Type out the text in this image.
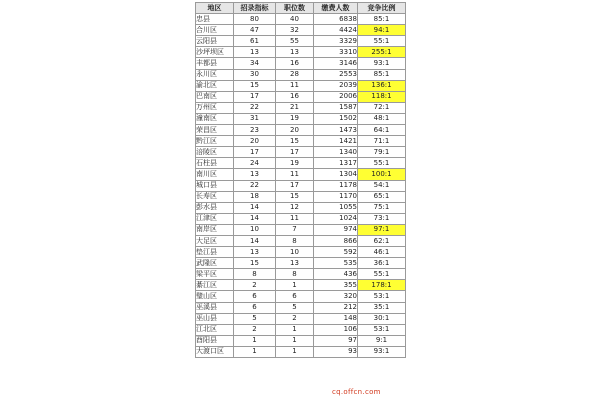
地区	招录指标	职位数	缴费人数	竞争比例
忠县	80	40	6838	85:1
合川区	47	32	4424	94:1
云阳县	61	55	3329	55:1
沙坪坝区	13	13	3310	255:1
丰都县	34	16	3146	93:1
永川区	30	28	2553	85:1
渝北区	15	11	2039	136:1
巴南区	17	16	2006	118:1
万州区	22	21	1587	72:1
潼南区	31	19	1502	48:1
荣昌区	23	20	1473	64:1
黔江区	20	15	1421	71:1
涪陵区	17	17	1340	79:1
石柱县	24	19	1317	55:1
南川区	13	11	1304	100:1
城口县	22	17	1178	54:1
长寿区	18	15	1170	65:1
彭水县	14	12	1055	75:1
江津区	14	11	1024	73:1
南岸区	10	7	974	97:1
大足区	14	8	866	62:1
垫江县	13	10	592	46:1
武隆区	15	13	535	36:1
梁平区	8	8	436	55:1
綦江区	2	1	355	178:1
璧山区	6	6	320	53:1
巫溪县	6	5	212	35:1
巫山县	5	2	148	30:1
江北区	2	1	106	53:1
酉阳县	1	1	97	9:1
大渡口区	1	1	93	93:1
cq.offcn.com
